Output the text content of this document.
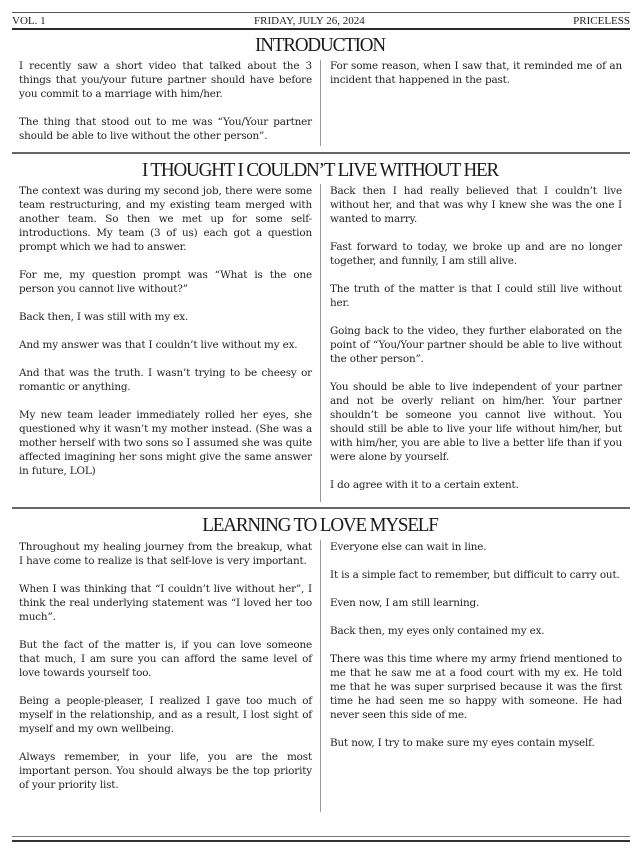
VOL. 1	FRIDAY, JULY 26, 2024	PRICELESS
INTRODUCTION

I recently saw a short video that talked about the 3 things that you/your future partner should have before you commit to a marriage with him/her.

The thing that stood out to me was “You/Your partner should be able to live without the other person”.

For some reason, when I saw that, it reminded me of an incident that happened in the past.

I THOUGHT I COULDN’T LIVE WITHOUT HER

The context was during my second job, there were some team restructuring, and my existing team merged with another team. So then we met up for some self-introductions. My team (3 of us) each got a question prompt which we had to answer.

For me, my question prompt was “What is the one person you cannot live without?”

Back then, I was still with my ex.

And my answer was that I couldn’t live without my ex.

And that was the truth. I wasn’t trying to be cheesy or romantic or anything.

My new team leader immediately rolled her eyes, she questioned why it wasn’t my mother instead. (She was a mother herself with two sons so I assumed she was quite affected imagining her sons might give the same answer in future, LOL)

Back then I had really believed that I couldn’t live without her, and that was why I knew she was the one I wanted to marry.

Fast forward to today, we broke up and are no longer together, and funnily, I am still alive.

The truth of the matter is that I could still live without her.

Going back to the video, they further elaborated on the point of “You/Your partner should be able to live without the other person”.

You should be able to live independent of your partner and not be overly reliant on him/her. Your partner shouldn’t be someone you cannot live without. You should still be able to live your life without him/her, but with him/her, you are able to live a better life than if you were alone by yourself.

I do agree with it to a certain extent.

LEARNING TO LOVE MYSELF

Throughout my healing journey from the breakup, what I have come to realize is that self-love is very important.

When I was thinking that “I couldn’t live without her”, I think the real underlying statement was “I loved her too much”.

But the fact of the matter is, if you can love someone that much, I am sure you can afford the same level of love towards yourself too.

Being a people-pleaser, I realized I gave too much of myself in the relationship, and as a result, I lost sight of myself and my own wellbeing.

Always remember, in your life, you are the most important person. You should always be the top priority of your priority list.

Everyone else can wait in line.

It is a simple fact to remember, but difficult to carry out.

Even now, I am still learning.

Back then, my eyes only contained my ex.

There was this time where my army friend mentioned to me that he saw me at a food court with my ex. He told me that he was super surprised because it was the first time he had seen me so happy with someone. He had never seen this side of me.

But now, I try to make sure my eyes contain myself.
